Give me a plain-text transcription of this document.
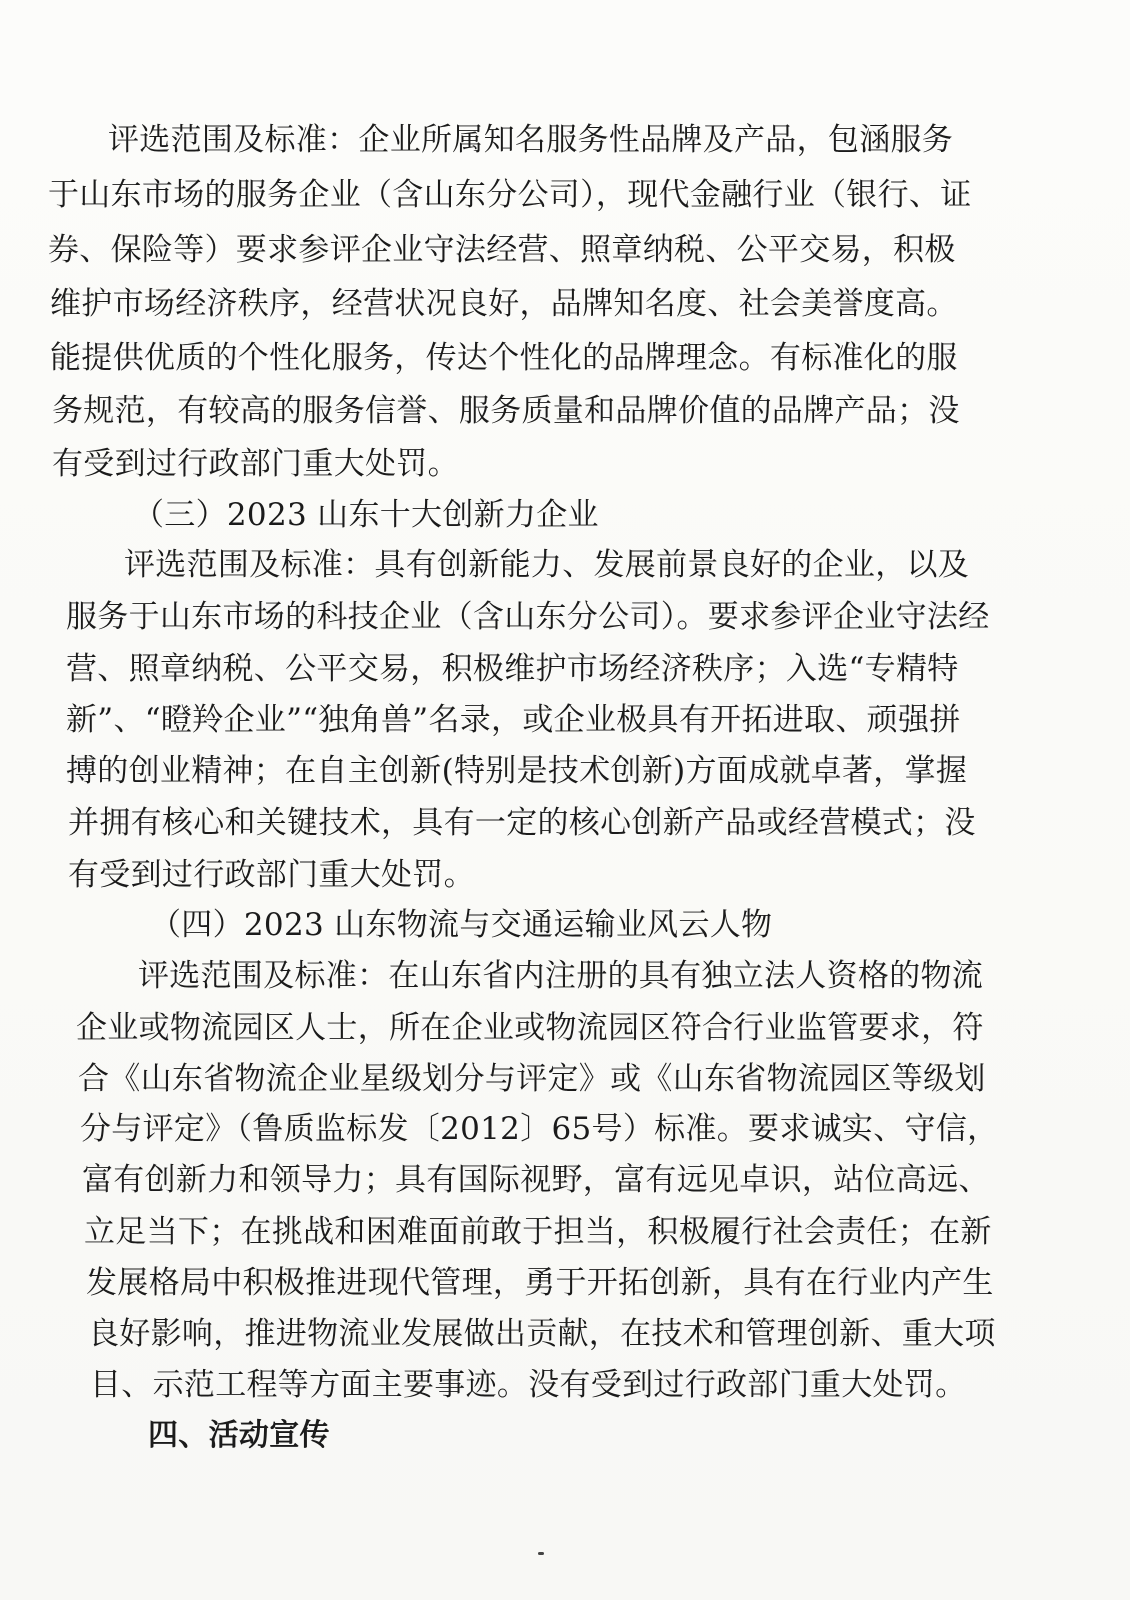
评选范围及标准：企业所属知名服务性品牌及产品，包涵服务
于山东市场的服务企业（含山东分公司），现代金融行业（银行、证
券、保险等）要求参评企业守法经营、照章纳税、公平交易，积极
维护市场经济秩序，经营状况良好，品牌知名度、社会美誉度高。
能提供优质的个性化服务，传达个性化的品牌理念。有标准化的服
务规范，有较高的服务信誉、服务质量和品牌价值的品牌产品；没
有受到过行政部门重大处罚。
（三）2023 山东十大创新力企业
评选范围及标准：具有创新能力、发展前景良好的企业，以及
服务于山东市场的科技企业（含山东分公司）。要求参评企业守法经
营、照章纳税、公平交易，积极维护市场经济秩序；入选“专精特
新”、“瞪羚企业”“独角兽”名录，或企业极具有开拓进取、顽强拼
搏的创业精神；在自主创新(特别是技术创新)方面成就卓著，掌握
并拥有核心和关键技术，具有一定的核心创新产品或经营模式；没
有受到过行政部门重大处罚。
（四）2023 山东物流与交通运输业风云人物
评选范围及标准：在山东省内注册的具有独立法人资格的物流
企业或物流园区人士，所在企业或物流园区符合行业监管要求，符
合《山东省物流企业星级划分与评定》或《山东省物流园区等级划
分与评定》（鲁质监标发〔2012〕65号）标准。要求诚实、守信，
富有创新力和领导力；具有国际视野，富有远见卓识，站位高远、
立足当下；在挑战和困难面前敢于担当，积极履行社会责任；在新
发展格局中积极推进现代管理，勇于开拓创新，具有在行业内产生
良好影响，推进物流业发展做出贡献，在技术和管理创新、重大项
目、示范工程等方面主要事迹。没有受到过行政部门重大处罚。
四、活动宣传
